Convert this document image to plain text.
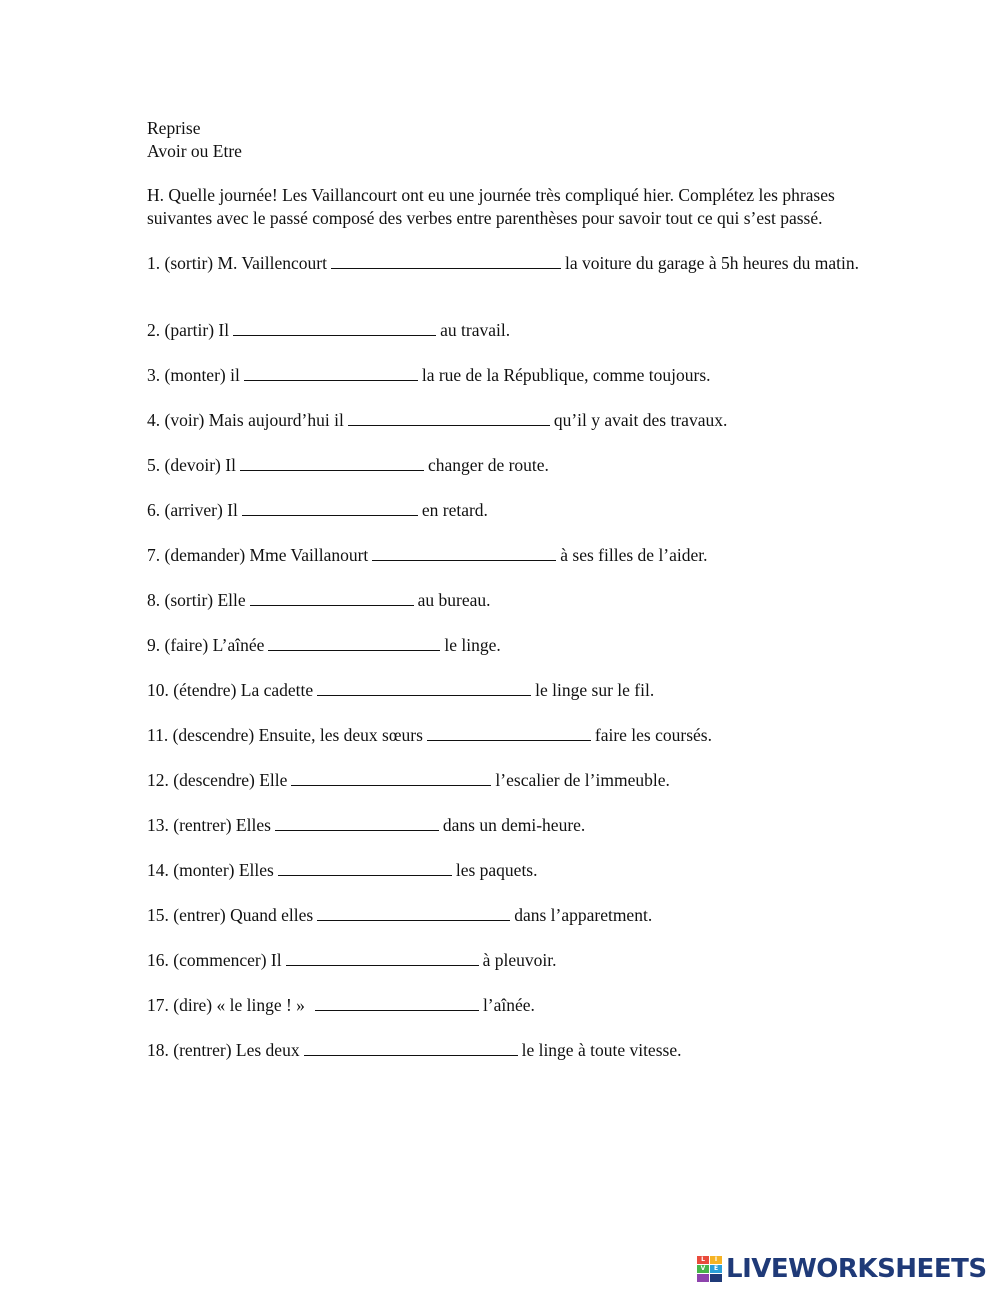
Reprise
Avoir ou Etre
H. Quelle journée! Les Vaillancourt ont eu une journée très compliqué hier. Complétez les phrases suivantes avec le passé composé des verbes entre parenthèses pour savoir tout ce qui s’est passé.

1. (sortir) M. Vaillencourt	la voiture du garage à 5h heures du matin.

2. (partir) Il	au travail.

3. (monter) il	la rue de la République, comme toujours.

4. (voir) Mais aujourd’hui il	qu’il y avait des travaux.

5. (devoir) Il	changer de route.

6. (arriver) Il	en retard.

7. (demander) Mme Vaillanourt	à ses filles de l’aider.

8. (sortir) Elle	au bureau.

9. (faire) L’aînée	le linge.

10. (étendre) La cadette	le linge sur le fil.

11. (descendre) Ensuite, les deux sœurs	faire les coursés.

12. (descendre) Elle	l’escalier de l’immeuble.

13. (rentrer) Elles	dans un demi-heure.

14. (monter) Elles	les paquets.

15. (entrer) Quand elles	dans l’apparetment.

16. (commencer) Il	à pleuvoir.

17. (dire) « le linge ! »	l’aînée.

18. (rentrer) Les deux	le linge à toute vitesse.

L	I
V	E LIVEWORKSHEETS
